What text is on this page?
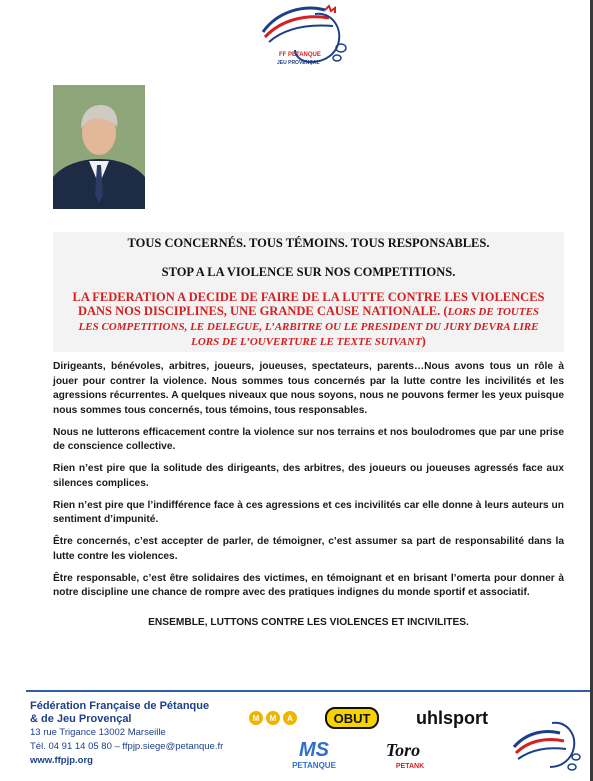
FF PETANQUE
JEU PROVENÇAL
TOUS CONCERNÉS. TOUS TÉMOINS. TOUS RESPONSABLES.
STOP A LA VIOLENCE SUR NOS COMPETITIONS.
LA FEDERATION A DECIDE DE FAIRE DE LA LUTTE CONTRE LES VIOLENCES DANS NOS DISCIPLINES, UNE GRANDE CAUSE NATIONALE. (LORS DE TOUTES LES COMPETITIONS, LE DELEGUE, L’ARBITRE OU LE PRESIDENT DU JURY DEVRA LIRE LORS DE L’OUVERTURE LE TEXTE SUIVANT)

Dirigeants, bénévoles, arbitres, joueurs, joueuses, spectateurs, parents…Nous avons tous un rôle à jouer pour contrer la violence. Nous sommes tous concernés par la lutte contre les incivilités et les agressions récurrentes. A quelques niveaux que nous soyons, nous ne pouvons fermer les yeux puisque nous sommes tous concernés, tous témoins, tous responsables.

Nous ne lutterons efficacement contre la violence sur nos terrains et nos boulodromes que par une prise de conscience collective.

Rien n’est pire que la solitude des dirigeants, des arbitres, des joueurs ou joueuses agressés face aux silences complices.

Rien n’est pire que l’indifférence face à ces agressions et ces incivilités car elle donne à leurs auteurs un sentiment d’impunité.

Être concernés, c’est accepter de parler, de témoigner, c’est assumer sa part de responsabilité dans la lutte contre les violences.

Être responsable, c’est être solidaires des victimes, en témoignant et en brisant l’omerta pour donner à notre discipline une chance de rompre avec des pratiques indignes du monde sportif et associatif.

ENSEMBLE, LUTTONS CONTRE LES VIOLENCES ET INCIVILITES.
Fédération Française de Pétanque
& de Jeu Provençal
13 rue Trigance 13002 Marseille
Tél. 04 91 14 05 80 – ffpjp.siege@petanque.fr
www.ffpjp.org
M M A	OBUT	uhlsport
MS
PETANQUE
Toro
PETANK
